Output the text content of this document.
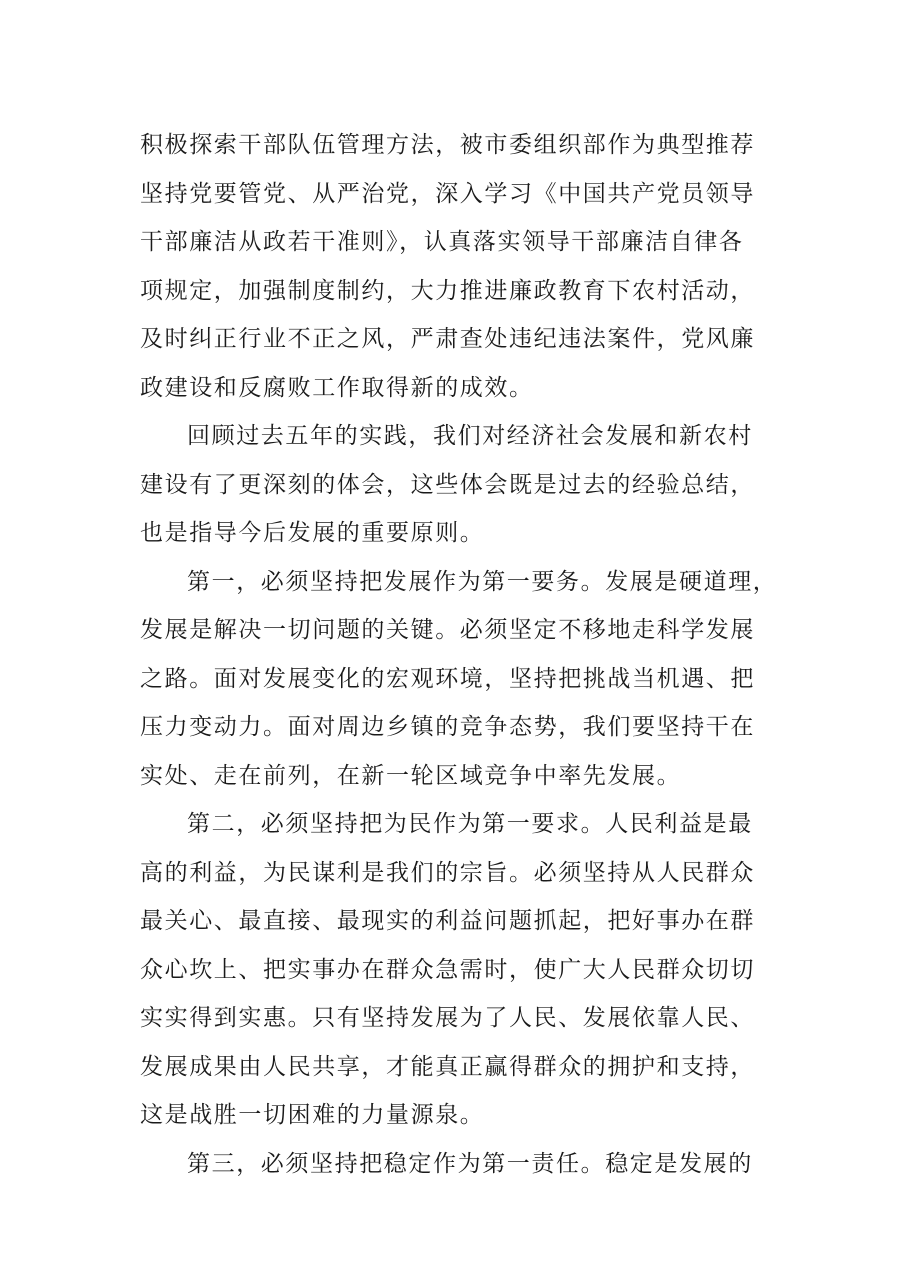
积极探索干部队伍管理方法，被市委组织部作为典型推荐
坚持党要管党、从严治党，深入学习《中国共产党员领导
干部廉洁从政若干准则》，认真落实领导干部廉洁自律各
项规定，加强制度制约，大力推进廉政教育下农村活动，
及时纠正行业不正之风，严肃查处违纪违法案件，党风廉
政建设和反腐败工作取得新的成效。
回顾过去五年的实践，我们对经济社会发展和新农村
建设有了更深刻的体会，这些体会既是过去的经验总结，
也是指导今后发展的重要原则。
第一，必须坚持把发展作为第一要务。发展是硬道理，
发展是解决一切问题的关键。必须坚定不移地走科学发展
之路。面对发展变化的宏观环境，坚持把挑战当机遇、把
压力变动力。面对周边乡镇的竞争态势，我们要坚持干在
实处、走在前列，在新一轮区域竞争中率先发展。
第二，必须坚持把为民作为第一要求。人民利益是最
高的利益，为民谋利是我们的宗旨。必须坚持从人民群众
最关心、最直接、最现实的利益问题抓起，把好事办在群
众心坎上、把实事办在群众急需时，使广大人民群众切切
实实得到实惠。只有坚持发展为了人民、发展依靠人民、
发展成果由人民共享，才能真正赢得群众的拥护和支持，
这是战胜一切困难的力量源泉。
第三，必须坚持把稳定作为第一责任。稳定是发展的
